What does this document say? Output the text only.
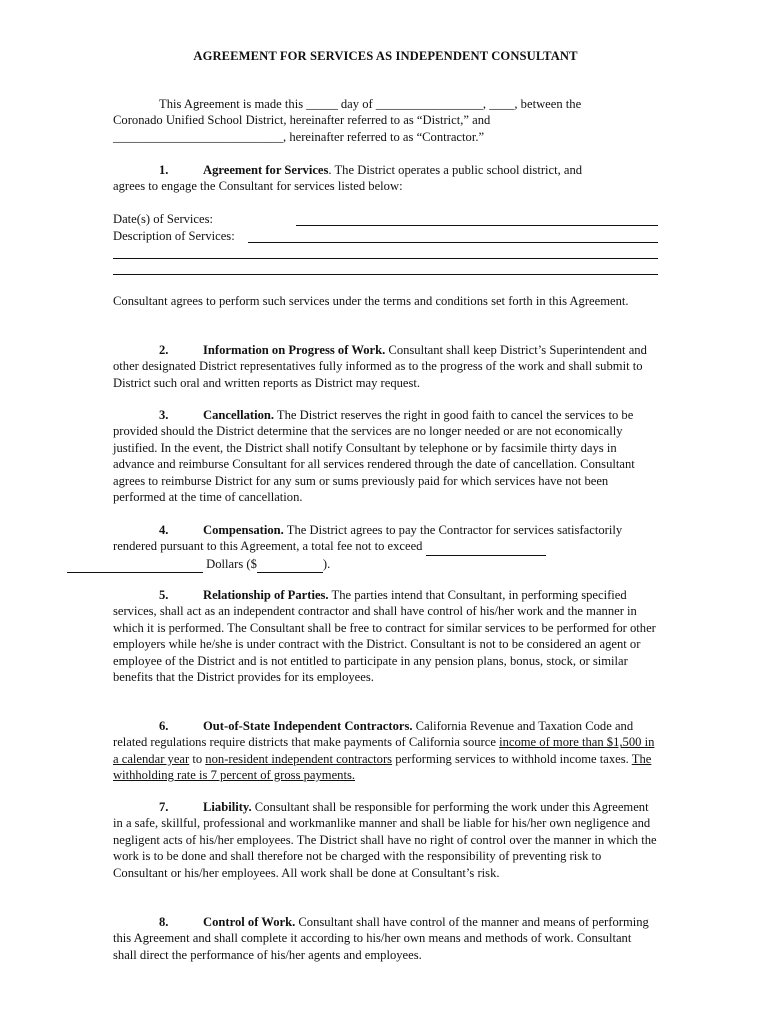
AGREEMENT FOR SERVICES AS INDEPENDENT CONSULTANT
This Agreement is made this _____ day of _________________, ____, between the
Coronado Unified School District, hereinafter referred to as “District,” and
___________________________, hereinafter referred to as “Contractor.”
1.	Agreement for Services. The District operates a public school district, and
agrees to engage the Consultant for services listed below:
Date(s) of Services:
Description of Services:
Consultant agrees to perform such services under the terms and conditions set forth in this Agreement.
2.	Information on Progress of Work. Consultant shall keep District’s Superintendent and other designated District representatives fully informed as to the progress of the work and shall submit to District such oral and written reports as District may request.
3.	Cancellation. The District reserves the right in good faith to cancel the services to be provided should the District determine that the services are no longer needed or are not economically justified. In the event, the District shall notify Consultant by telephone or by facsimile thirty days in advance and reimburse Consultant for all services rendered through the date of cancellation. Consultant agrees to reimburse District for any sum or sums previously paid for which services have not been performed at the time of cancellation.
4.	Compensation. The District agrees to pay the Contractor for services satisfactorily rendered pursuant to this Agreement, a total fee not to exceed
Dollars ($	).
5.	Relationship of Parties. The parties intend that Consultant, in performing specified services, shall act as an independent contractor and shall have control of his/her work and the manner in which it is performed. The Consultant shall be free to contract for similar services to be performed for other employers while he/she is under contract with the District. Consultant is not to be considered an agent or employee of the District and is not entitled to participate in any pension plans, bonus, stock, or similar benefits that the District provides for its employees.
6.	Out-of-State Independent Contractors. California Revenue and Taxation Code and related regulations require districts that make payments of California source income of more than $1,500 in a calendar year to non-resident independent contractors performing services to withhold income taxes. The withholding rate is 7 percent of gross payments.
7.	Liability. Consultant shall be responsible for performing the work under this Agreement in a safe, skillful, professional and workmanlike manner and shall be liable for his/her own negligence and negligent acts of his/her employees. The District shall have no right of control over the manner in which the work is to be done and shall therefore not be charged with the responsibility of preventing risk to Consultant or his/her employees. All work shall be done at Consultant’s risk.
8.	Control of Work. Consultant shall have control of the manner and means of performing this Agreement and shall complete it according to his/her own means and methods of work. Consultant shall direct the performance of his/her agents and employees.
